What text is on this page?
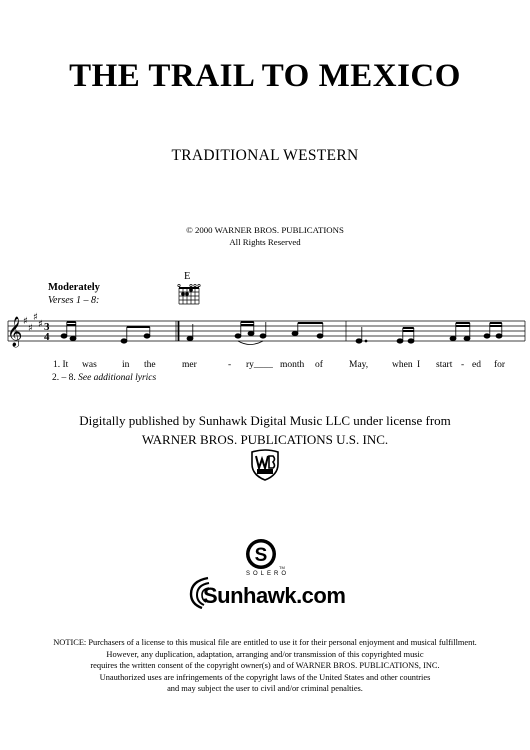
THE TRAIL TO MEXICO
TRADITIONAL WESTERN
© 2000 WARNER BROS. PUBLICATIONS
All Rights Reserved
Moderately
Verses 1 – 8:
E
𝄞 ♯
♯
♯
♯ 3
4
1. It was	in the	mer	- ry____ month of	May,	when I start - ed for
2. – 8. See additional lyrics
Digitally published by Sunhawk Digital Music LLC under license from
WARNER BROS. PUBLICATIONS U.S. INC.
S
TM
SOLERO
Sunhawk.com
NOTICE: Purchasers of a license to this musical file are entitled to use it for their personal enjoyment and musical fulfillment.
However, any duplication, adaptation, arranging and/or transmission of this copyrighted music
requires the written consent of the copyright owner(s) and of WARNER BROS. PUBLICATIONS, INC.
Unauthorized uses are infringements of the copyright laws of the United States and other countries
and may subject the user to civil and/or criminal penalties.
